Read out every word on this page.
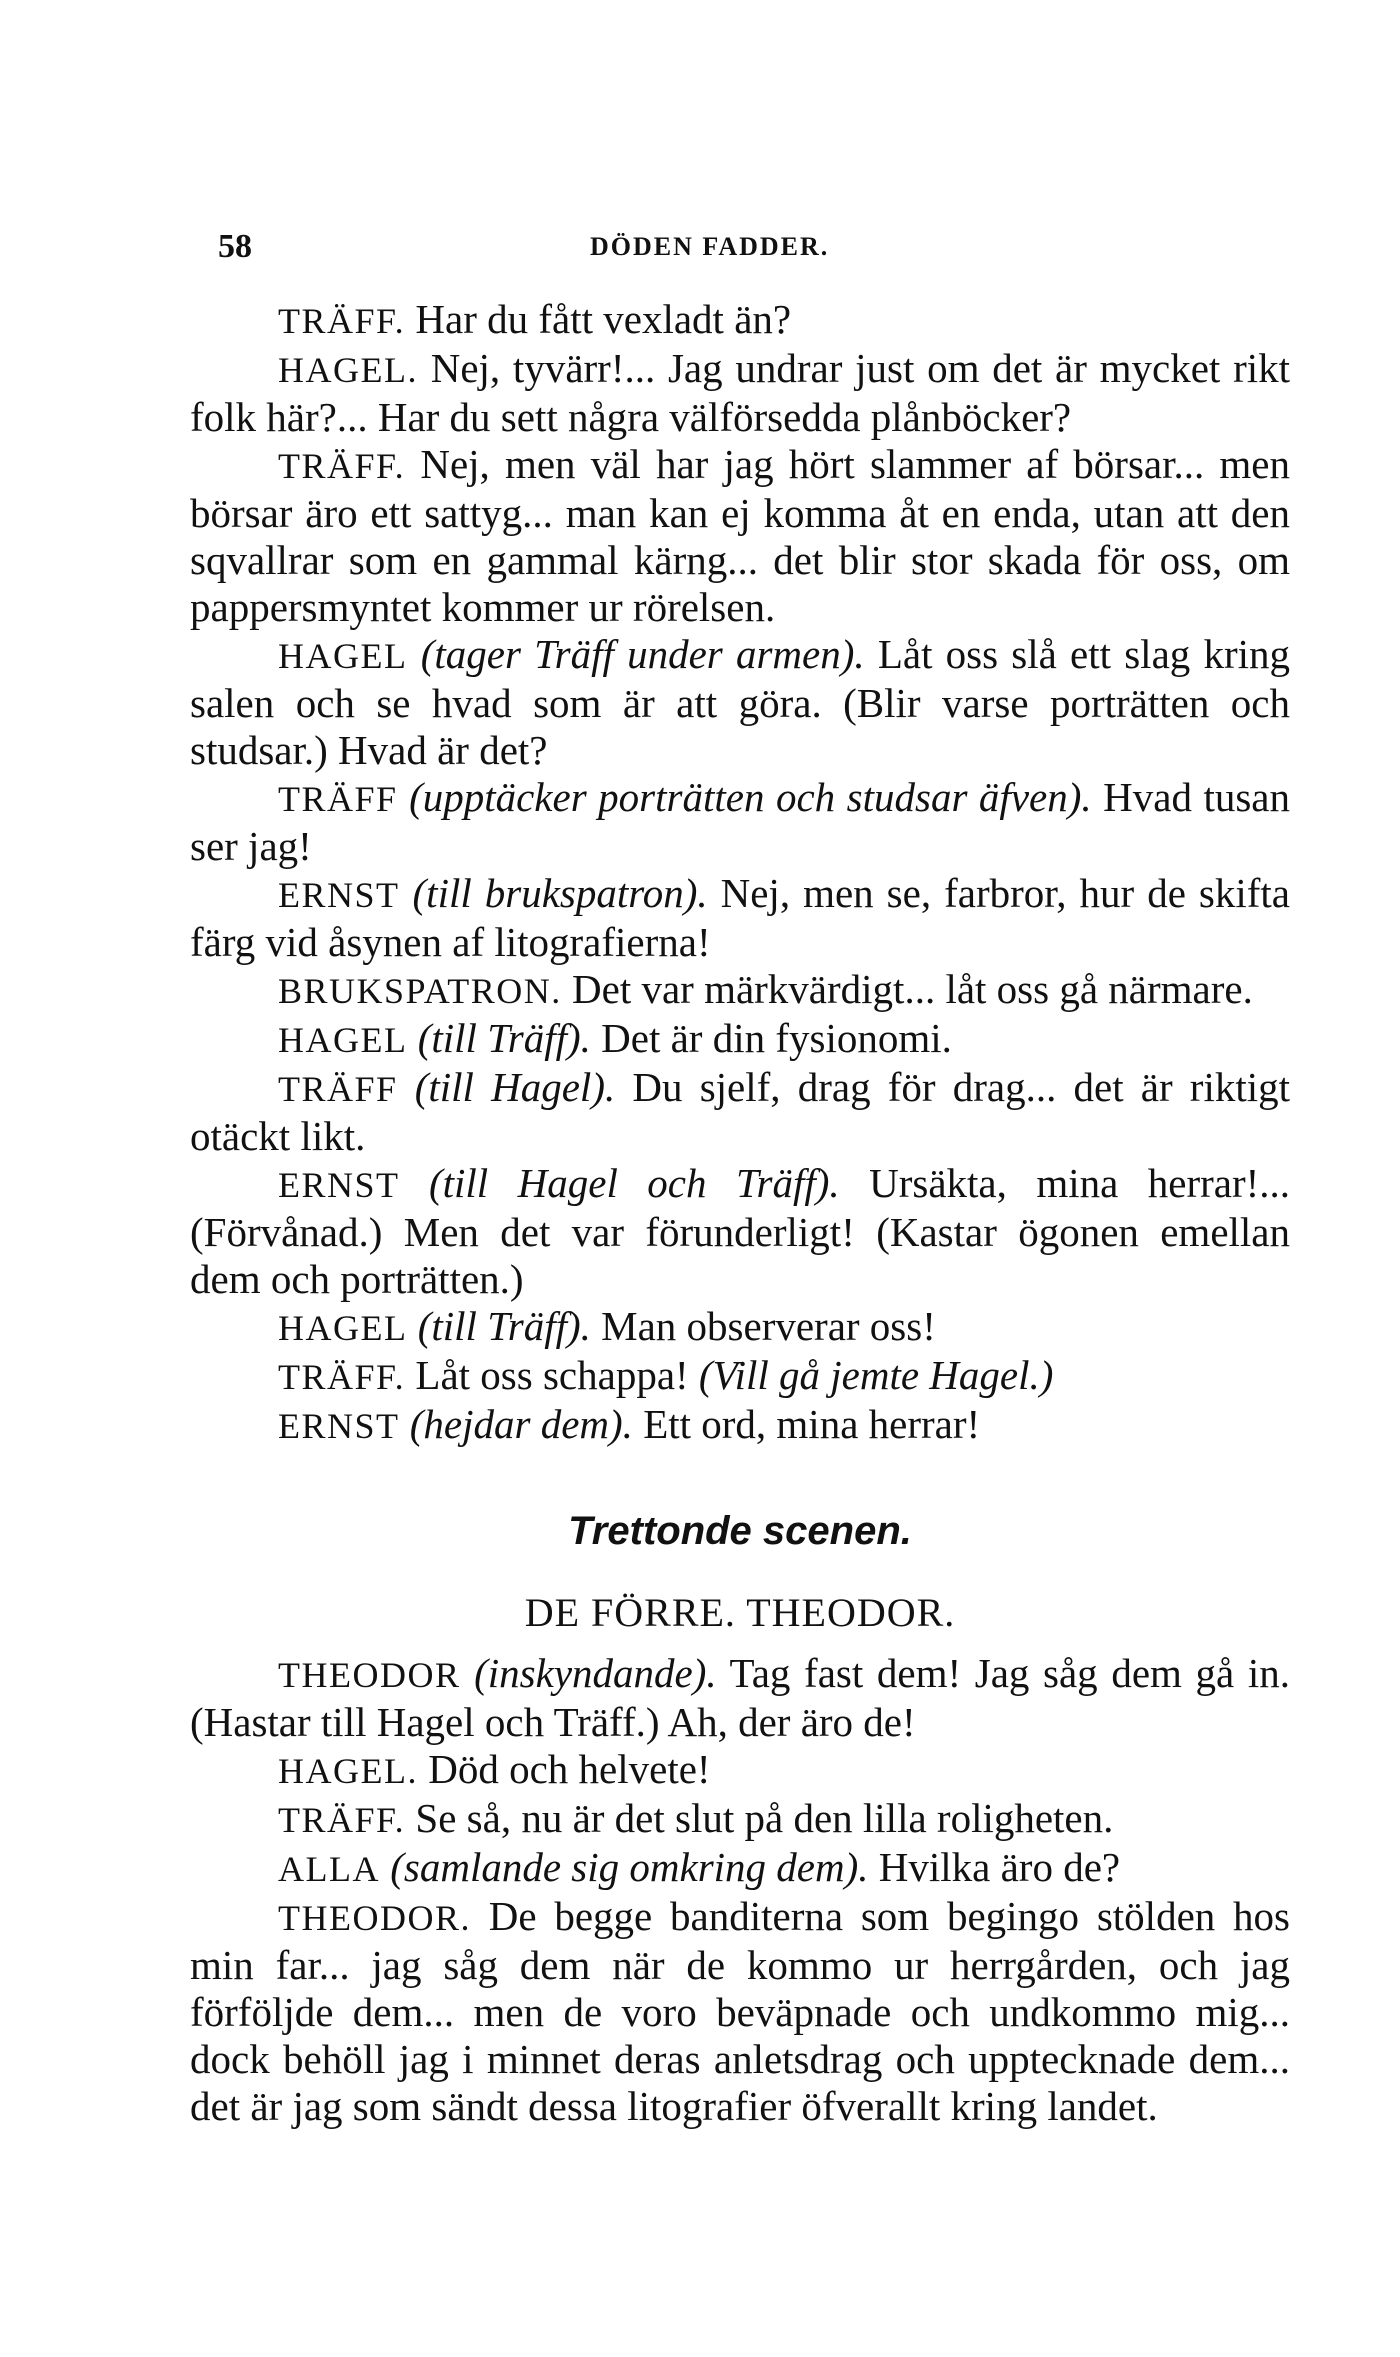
58	DÖDEN FADDER.

TRÄFF. Har du fått vexladt än?

HAGEL. Nej, tyvärr!... Jag undrar just om det är mycket rikt folk här?... Har du sett några välförsedda plånböcker?

TRÄFF. Nej, men väl har jag hört slammer af börsar... men börsar äro ett sattyg... man kan ej komma åt en enda, utan att den sqvallrar som en gammal kärng... det blir stor skada för oss, om pappersmyntet kommer ur rörelsen.

HAGEL (tager Träff under armen). Låt oss slå ett slag kring salen och se hvad som är att göra. (Blir varse porträtten och studsar.) Hvad är det?

TRÄFF (upptäcker porträtten och studsar äfven). Hvad tusan ser jag!

ERNST (till brukspatron). Nej, men se, farbror, hur de skifta färg vid åsynen af litografierna!

BRUKSPATRON. Det var märkvärdigt... låt oss gå närmare.

HAGEL (till Träff). Det är din fysionomi.

TRÄFF (till Hagel). Du sjelf, drag för drag... det är riktigt otäckt likt.

ERNST (till Hagel och Träff). Ursäkta, mina herrar!... (Förvånad.) Men det var förunderligt! (Kastar ögonen emellan dem och porträtten.)

HAGEL (till Träff). Man observerar oss!

TRÄFF. Låt oss schappa! (Vill gå jemte Hagel.)

ERNST (hejdar dem). Ett ord, mina herrar!

Trettonde scenen.

DE FÖRRE. THEODOR.

THEODOR (inskyndande). Tag fast dem! Jag såg dem gå in. (Hastar till Hagel och Träff.) Ah, der äro de!

HAGEL. Död och helvete!

TRÄFF. Se så, nu är det slut på den lilla roligheten.

ALLA (samlande sig omkring dem). Hvilka äro de?

THEODOR. De begge banditerna som begingo stölden hos min far... jag såg dem när de kommo ur herrgården, och jag förföljde dem... men de voro beväpnade och undkommo mig... dock behöll jag i minnet deras anletsdrag och upptecknade dem... det är jag som sändt dessa litografier öfverallt kring landet.
